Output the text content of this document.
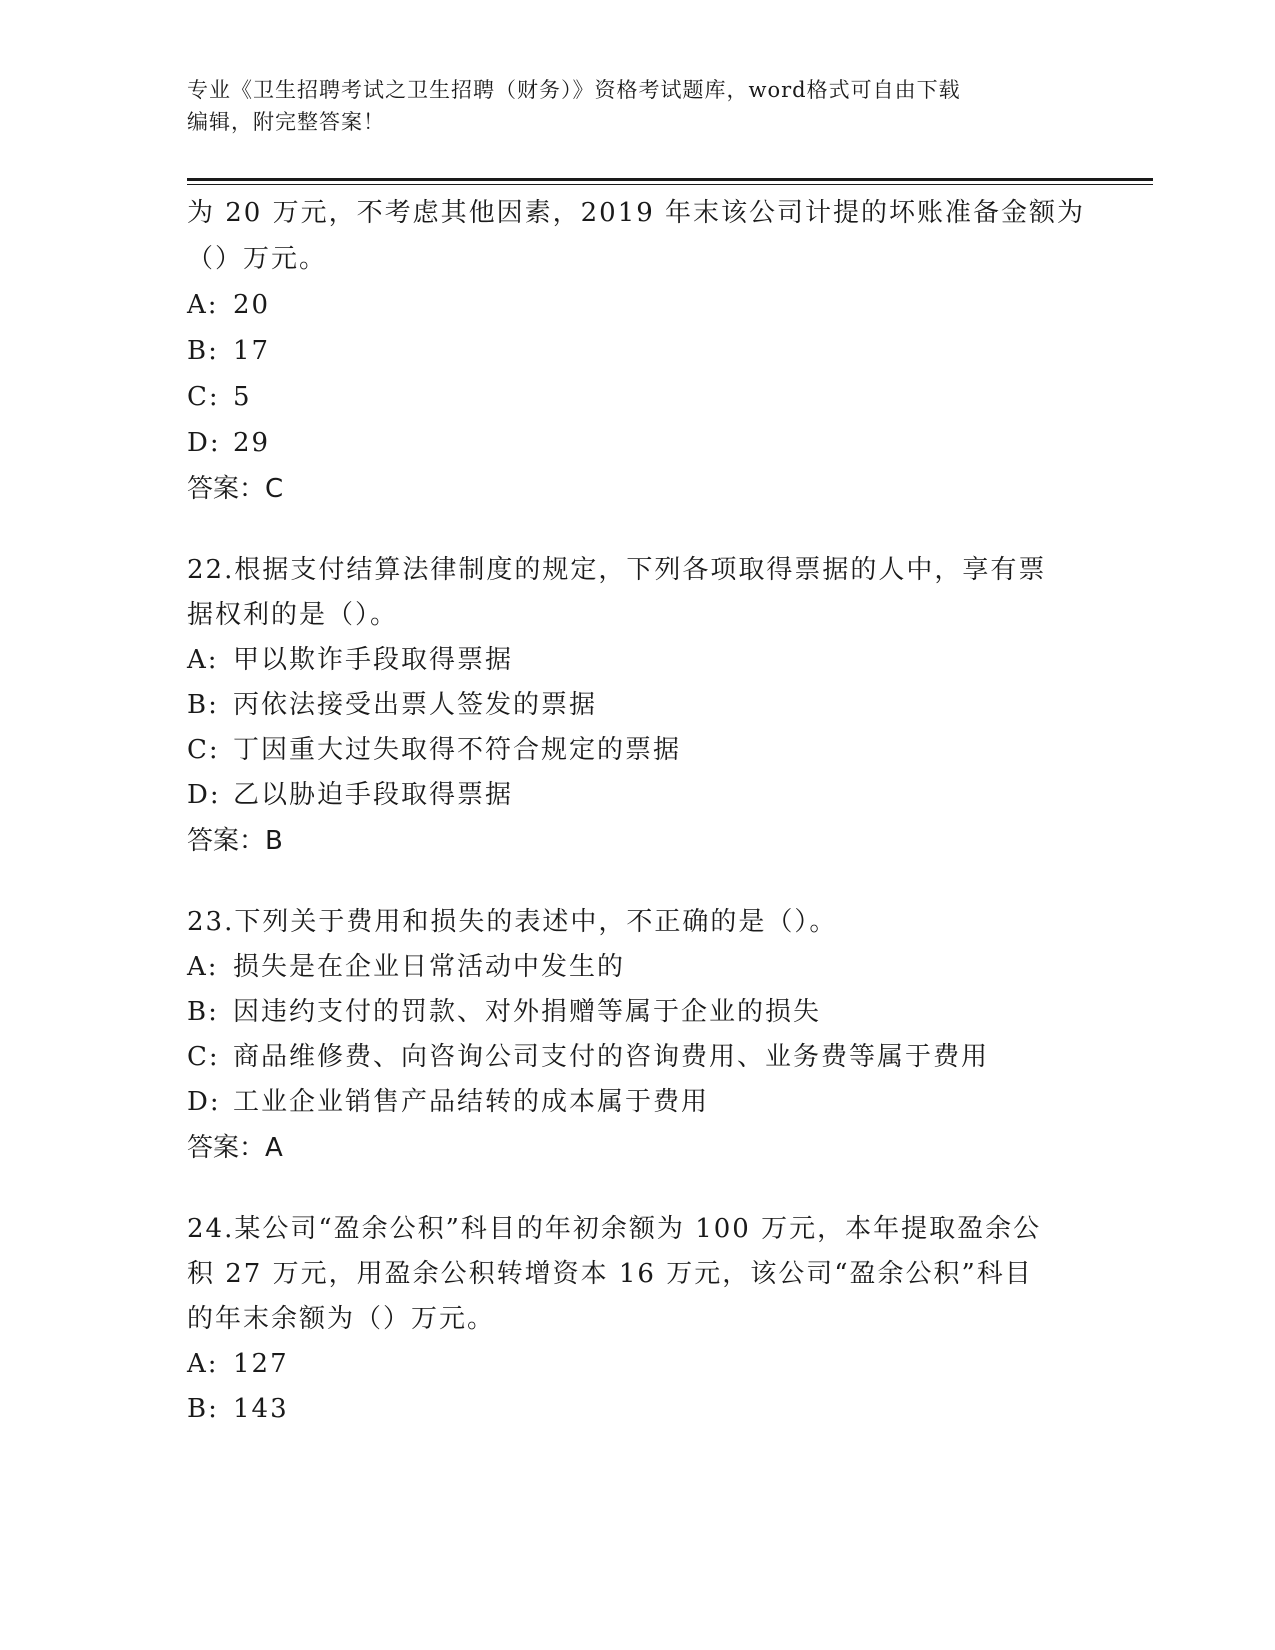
专业《卫生招聘考试之卫生招聘（财务）》资格考试题库，word格式可自由下载
编辑，附完整答案！

为 20 万元，不考虑其他因素，2019 年末该公司计提的坏账准备金额为

（）万元。

A: 20

B: 17

C: 5

D: 29

答案：C

22.根据支付结算法律制度的规定，下列各项取得票据的人中，享有票

据权利的是（）。

A: 甲以欺诈手段取得票据

B: 丙依法接受出票人签发的票据

C: 丁因重大过失取得不符合规定的票据

D: 乙以胁迫手段取得票据

答案：B

23.下列关于费用和损失的表述中，不正确的是（）。

A: 损失是在企业日常活动中发生的

B: 因违约支付的罚款、对外捐赠等属于企业的损失

C: 商品维修费、向咨询公司支付的咨询费用、业务费等属于费用

D: 工业企业销售产品结转的成本属于费用

答案：A

24.某公司“盈余公积”科目的年初余额为 100 万元，本年提取盈余公

积 27 万元，用盈余公积转增资本 16 万元，该公司“盈余公积”科目

的年末余额为（）万元。

A: 127

B: 143
